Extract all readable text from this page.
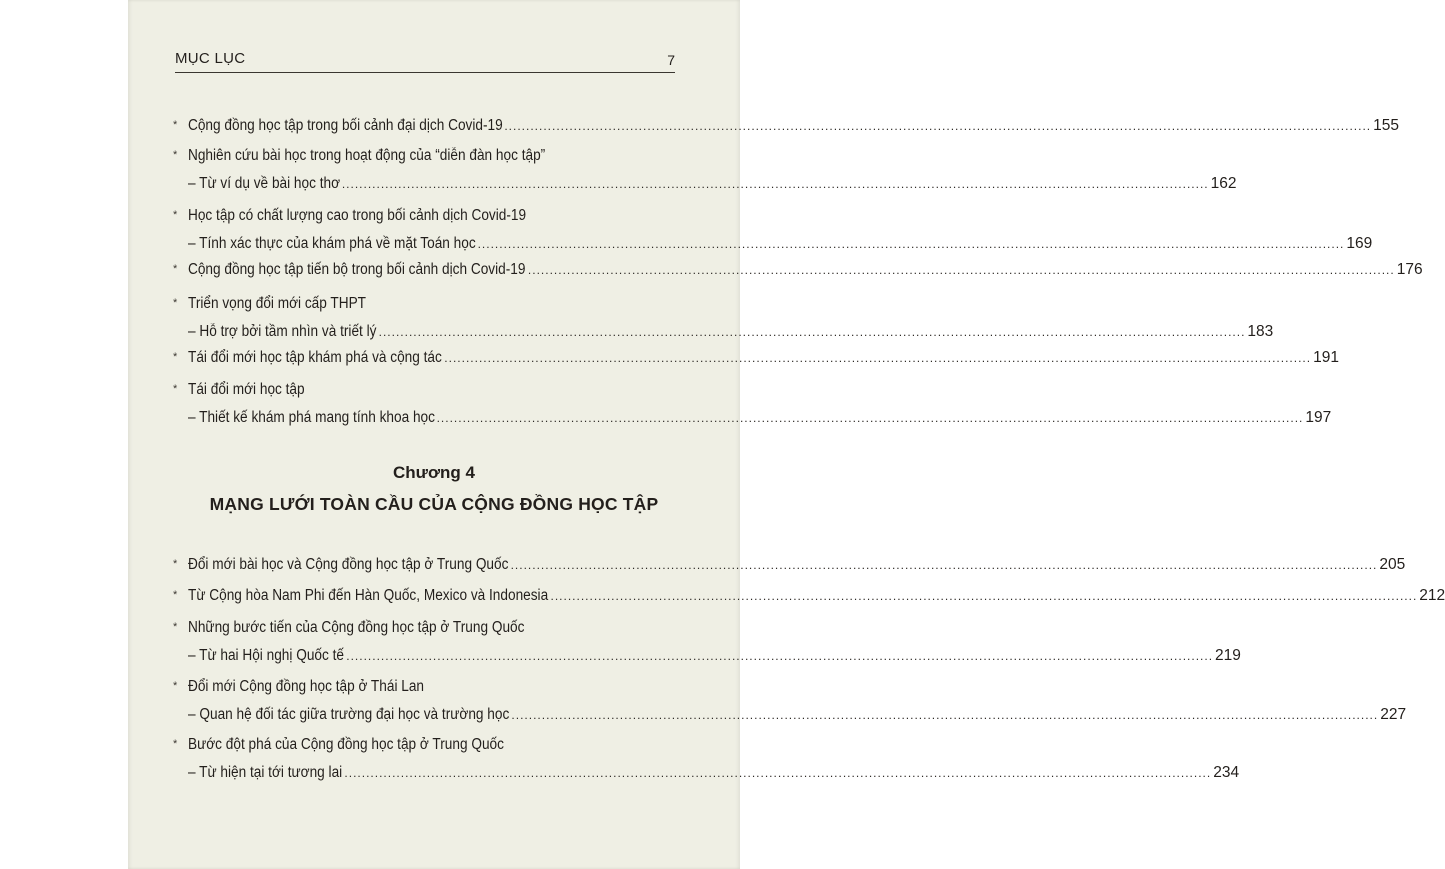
MỤC LỤC	7
* Cộng đồng học tập trong bối cảnh đại dịch Covid-19 ........................................................................................................................................................................................................ 155
* Nghiên cứu bài học trong hoạt động của “diễn đàn học tập”
– Từ ví dụ về bài học thơ ........................................................................................................................................................................................................ 162
* Học tập có chất lượng cao trong bối cảnh dịch Covid-19
– Tính xác thực của khám phá về mặt Toán học ........................................................................................................................................................................................................ 169
* Cộng đồng học tập tiến bộ trong bối cảnh dịch Covid-19 ........................................................................................................................................................................................................ 176
* Triển vọng đổi mới cấp THPT
– Hỗ trợ bởi tầm nhìn và triết lý ........................................................................................................................................................................................................ 183
* Tái đổi mới học tập khám phá và cộng tác ........................................................................................................................................................................................................ 191
* Tái đổi mới học tập
– Thiết kế khám phá mang tính khoa học ........................................................................................................................................................................................................ 197
Chương 4
MẠNG LƯỚI TOÀN CẦU CỦA CỘNG ĐỒNG HỌC TẬP
* Đổi mới bài học và Cộng đồng học tập ở Trung Quốc ........................................................................................................................................................................................................ 205
* Từ Cộng hòa Nam Phi đến Hàn Quốc, Mexico và Indonesia ........................................................................................................................................................................................................ 212
* Những bước tiến của Cộng đồng học tập ở Trung Quốc
– Từ hai Hội nghị Quốc tế ........................................................................................................................................................................................................ 219
* Đổi mới Cộng đồng học tập ở Thái Lan
– Quan hệ đối tác giữa trường đại học và trường học ........................................................................................................................................................................................................ 227
* Bước đột phá của Cộng đồng học tập ở Trung Quốc
– Từ hiện tại tới tương lai ........................................................................................................................................................................................................ 234
